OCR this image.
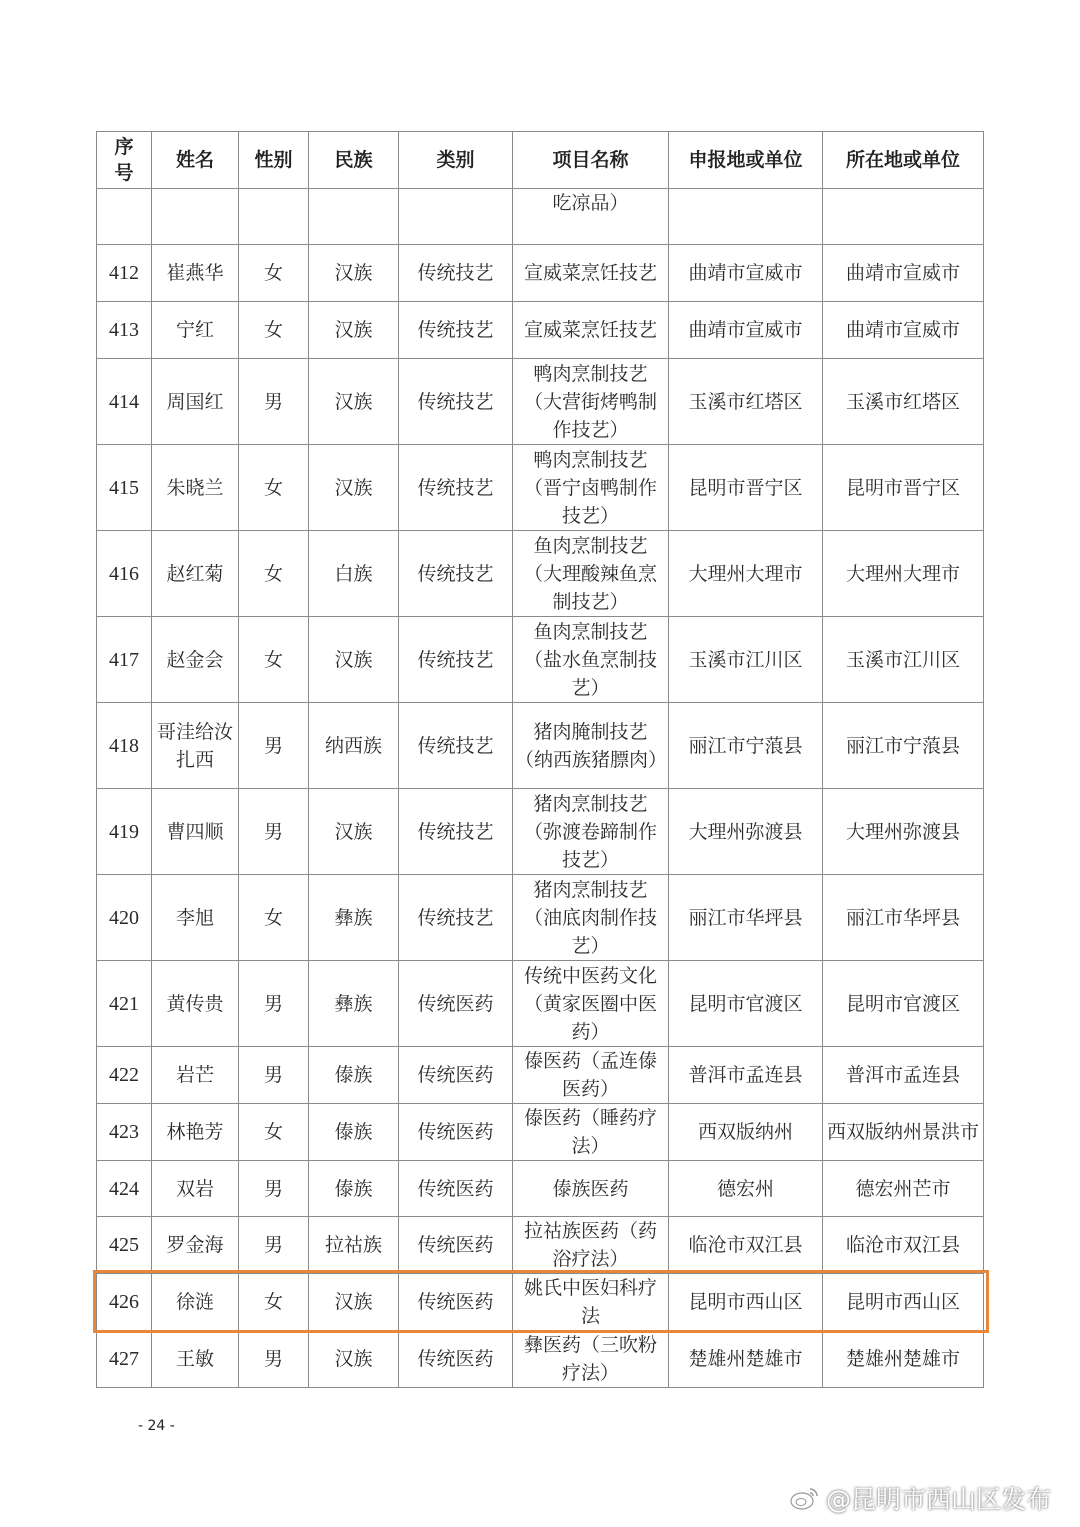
序
号	姓名	性别	民族	类别	项目名称	申报地或单位	所在地或单位
					吃凉品）		
412	崔燕华	女	汉族	传统技艺	宣威菜烹饪技艺	曲靖市宣威市	曲靖市宣威市
413	宁红	女	汉族	传统技艺	宣威菜烹饪技艺	曲靖市宣威市	曲靖市宣威市
414	周国红	男	汉族	传统技艺	鸭肉烹制技艺（大营街烤鸭制作技艺）	玉溪市红塔区	玉溪市红塔区
415	朱晓兰	女	汉族	传统技艺	鸭肉烹制技艺（晋宁卤鸭制作技艺）	昆明市晋宁区	昆明市晋宁区
416	赵红菊	女	白族	传统技艺	鱼肉烹制技艺（大理酸辣鱼烹制技艺）	大理州大理市	大理州大理市
417	赵金会	女	汉族	传统技艺	鱼肉烹制技艺（盐水鱼烹制技艺）	玉溪市江川区	玉溪市江川区
418	哥洼给汝扎西	男	纳西族	传统技艺	猪肉腌制技艺（纳西族猪膘肉）	丽江市宁蒗县	丽江市宁蒗县
419	曹四顺	男	汉族	传统技艺	猪肉烹制技艺（弥渡卷蹄制作技艺）	大理州弥渡县	大理州弥渡县
420	李旭	女	彝族	传统技艺	猪肉烹制技艺（油底肉制作技艺）	丽江市华坪县	丽江市华坪县
421	黄传贵	男	彝族	传统医药	传统中医药文化（黄家医圈中医药）	昆明市官渡区	昆明市官渡区
422	岩芒	男	傣族	传统医药	傣医药（孟连傣医药）	普洱市孟连县	普洱市孟连县
423	林艳芳	女	傣族	传统医药	傣医药（睡药疗法）	西双版纳州	西双版纳州景洪市
424	双岩	男	傣族	传统医药	傣族医药	德宏州	德宏州芒市
425	罗金海	男	拉祜族	传统医药	拉祜族医药（药浴疗法）	临沧市双江县	临沧市双江县
426	徐涟	女	汉族	传统医药	姚氏中医妇科疗法	昆明市西山区	昆明市西山区
427	王敏	男	汉族	传统医药	彝医药（三吹粉疗法）	楚雄州楚雄市	楚雄州楚雄市
- 24 -
@昆明市西山区发布
